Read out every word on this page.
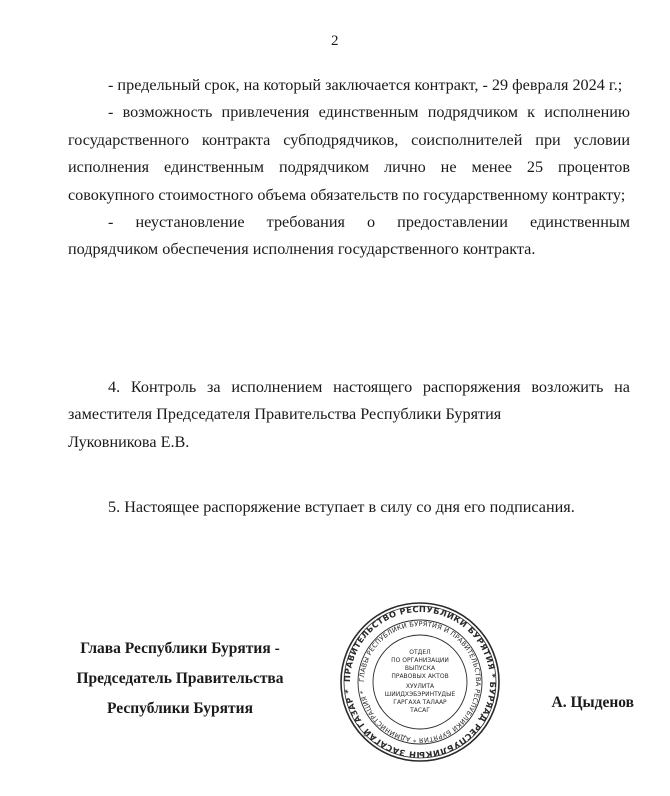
2

- предельный срок, на который заключается контракт, - 29 февраля 2024 г.;

- возможность привлечения единственным подрядчиком к исполнению государственного контракта субподрядчиков, соисполнителей при условии исполнения единственным подрядчиком лично не менее 25 процентов совокупного стоимостного объема обязательств по государственному контракту;

- неустановление требования о предоставлении единственным подрядчиком обеспечения исполнения государственного контракта.

4. Контроль за исполнением настоящего распоряжения возложить на

заместителя Председателя Правительства Республики Бурятия

Луковникова Е.В.

5. Настоящее распоряжение вступает в силу со дня его подписания.

Глава Республики Бурятия -
Председатель Правительства
Республики Бурятия
ПРАВИТЕЛЬСТВО РЕСПУБЛИКИ БУРЯТИЯ * БУРЯАД РЕСПУБЛИКЫН ЗАСАГАЙ ГАЗАР *
ГЛАВЫ РЕСПУБЛИКИ БУРЯТИЯ И ПРАВИТЕЛЬСТВА РЕСПУБЛИКИ БУРЯТИЯ * АДМИНИСТРАЦИЯ *
ОТДЕЛ
ПО ОРГАНИЗАЦИИ
ВЫПУСКА
ПРАВОВЫХ АКТОВ
ХУУЛИТА
ШИИДХЭБЭРИНТУДЫЕ
ГАРГАХА ТАЛААР
ТАСАГ	А. Цыденов
